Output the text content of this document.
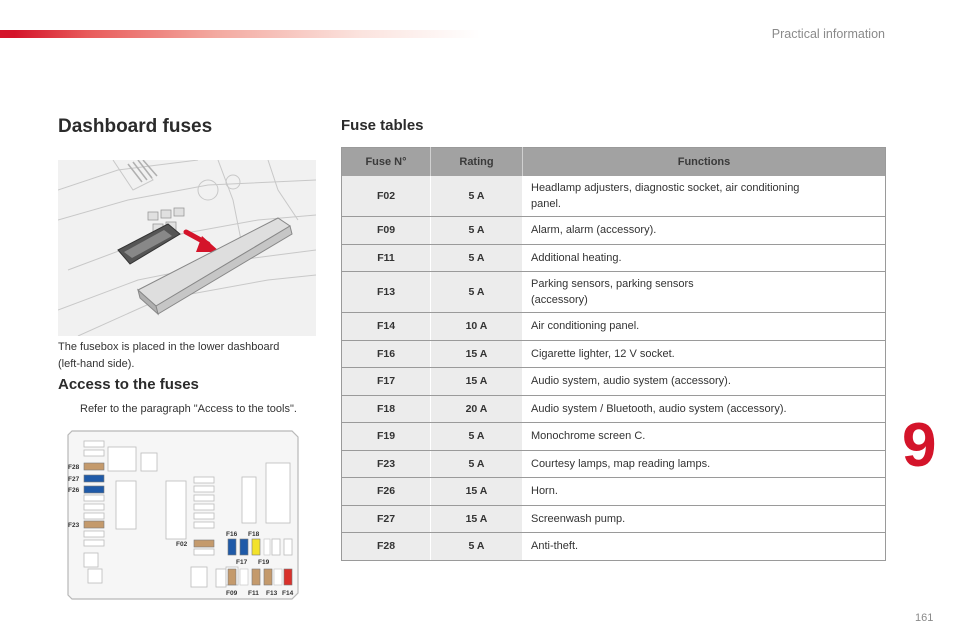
Practical information
Dashboard fuses
The fusebox is placed in the lower dashboard
(left-hand side).
Access to the fuses
Refer to the paragraph "Access to the tools".
F28
F27
F26
F23
F02
F16 F18
F17 F19
F09 F11 F13 F14
Fuse tables
Fuse N°	Rating	Functions
F02	5 A	Headlamp adjusters, diagnostic socket, air conditioning
panel.

F09	5 A	Alarm, alarm (accessory).
F11	5 A	Additional heating.
F13	5 A	Parking sensors, parking sensors
(accessory)

F14	10 A	Air conditioning panel.
F16	15 A	Cigarette lighter, 12 V socket.
F17	15 A	Audio system, audio system (accessory).
F18	20 A	Audio system / Bluetooth, audio system (accessory).
F19	5 A	Monochrome screen C.
F23	5 A	Courtesy lamps, map reading lamps.
F26	15 A	Horn.
F27	15 A	Screenwash pump.
F28	5 A	Anti-theft.
9
161
